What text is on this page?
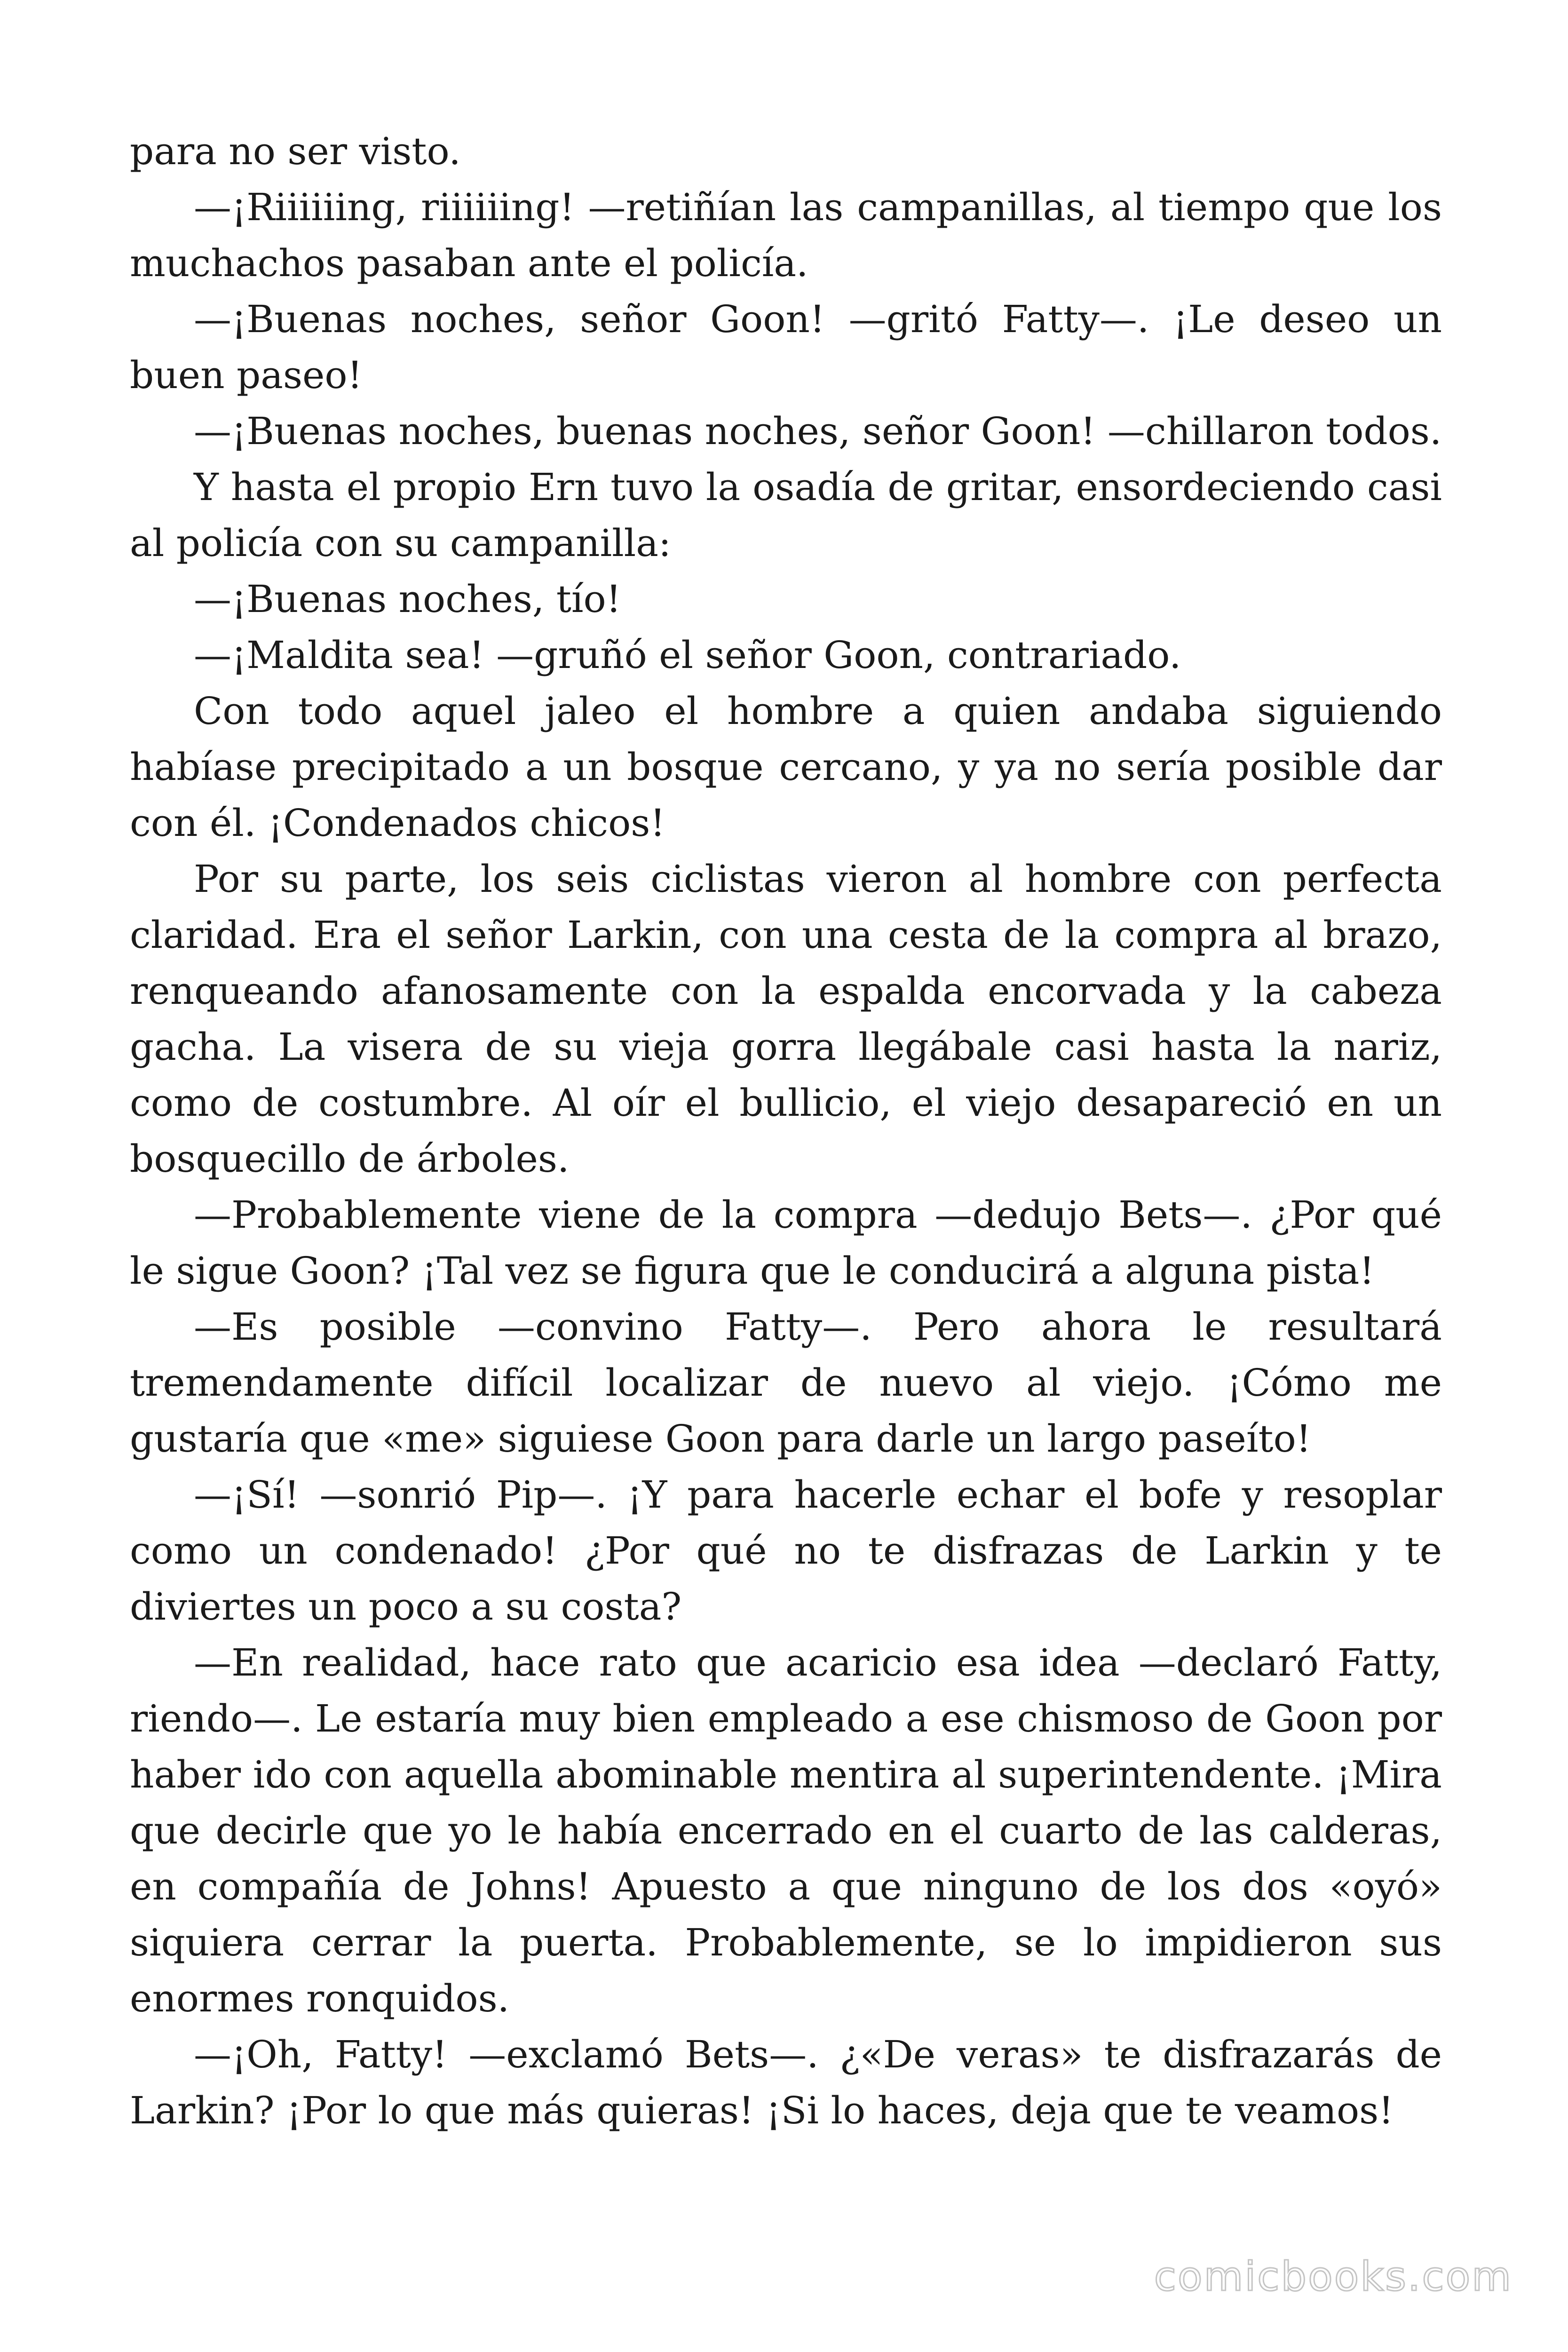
para no ser visto.

—¡Riiiiiing, riiiiiing! —retiñían las campanillas, al tiempo que los muchachos pasaban ante el policía.

—¡Buenas noches, señor Goon! —gritó Fatty—. ¡Le deseo un buen paseo!

—¡Buenas noches, buenas noches, señor Goon! —chillaron todos.

Y hasta el propio Ern tuvo la osadía de gritar, ensordeciendo casi al policía con su campanilla:

—¡Buenas noches, tío!

—¡Maldita sea! —gruñó el señor Goon, contrariado.

Con todo aquel jaleo el hombre a quien andaba siguiendo habíase precipitado a un bosque cercano, y ya no sería posible dar con él. ¡Condenados chicos!

Por su parte, los seis ciclistas vieron al hombre con perfecta claridad. Era el señor Larkin, con una cesta de la compra al brazo, renqueando afanosamente con la espalda encorvada y la cabeza gacha. La visera de su vieja gorra llegábale casi hasta la nariz, como de costumbre. Al oír el bullicio, el viejo desapareció en un bosquecillo de árboles.

—Probablemente viene de la compra —dedujo Bets—. ¿Por qué le sigue Goon? ¡Tal vez se figura que le conducirá a alguna pista!

—Es posible —convino Fatty—. Pero ahora le resultará tremendamente difícil localizar de nuevo al viejo. ¡Cómo me gustaría que «me» siguiese Goon para darle un largo paseíto!

—¡Sí! —sonrió Pip—. ¡Y para hacerle echar el bofe y resoplar como un condenado! ¿Por qué no te disfrazas de Larkin y te diviertes un poco a su costa?

—En realidad, hace rato que acaricio esa idea —declaró Fatty, riendo—. Le estaría muy bien empleado a ese chismoso de Goon por haber ido con aquella abominable mentira al superintendente. ¡Mira que decirle que yo le había encerrado en el cuarto de las calderas, en compañía de Johns! Apuesto a que ninguno de los dos «oyó» siquiera cerrar la puerta. Probablemente, se lo impidieron sus enormes ronquidos.

—¡Oh, Fatty! —exclamó Bets—. ¿«De veras» te disfrazarás de Larkin? ¡Por lo que más quieras! ¡Si lo haces, deja que te veamos!

comicbooks.com
